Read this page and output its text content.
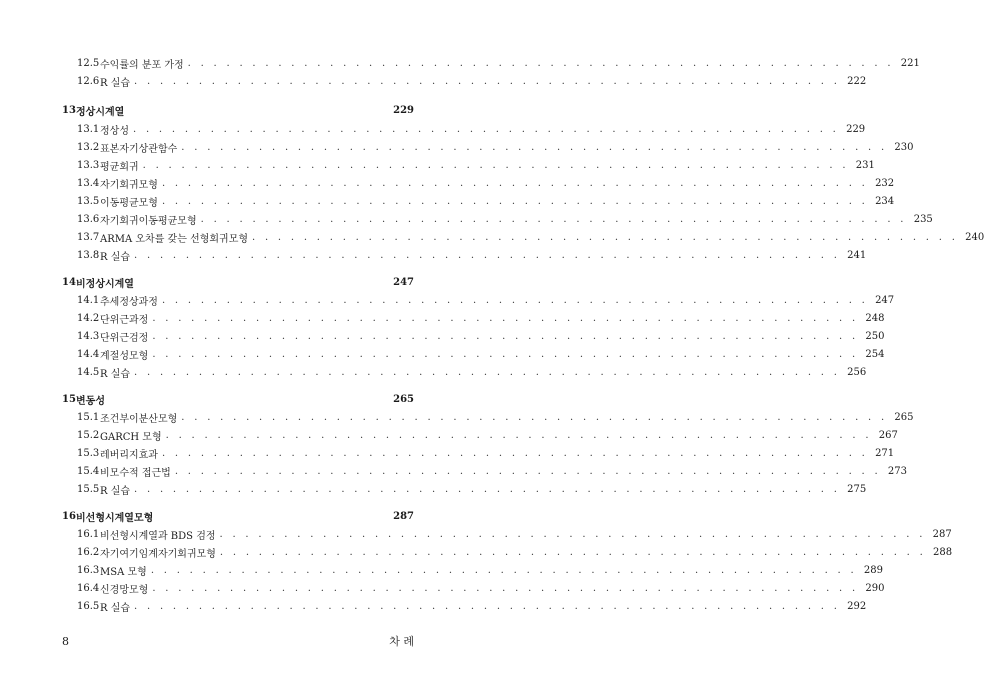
12.5 수익률의 분포 가정 . . . . . . . . . . . . . . . . . . . . . . . . . . . . . . . . . . . . . . . . . . . . . . . . . . . . . . . 221
12.6 R 실습 . . . . . . . . . . . . . . . . . . . . . . . . . . . . . . . . . . . . . . . . . . . . . . . . . . . . . . . 222
13 정상시계열	229
13.1 정상성 . . . . . . . . . . . . . . . . . . . . . . . . . . . . . . . . . . . . . . . . . . . . . . . . . . . . . . . 229
13.2 표본자기상관함수 . . . . . . . . . . . . . . . . . . . . . . . . . . . . . . . . . . . . . . . . . . . . . . . . . . . . . . . 230
13.3 평균회귀 . . . . . . . . . . . . . . . . . . . . . . . . . . . . . . . . . . . . . . . . . . . . . . . . . . . . . . . 231
13.4 자기회귀모형 . . . . . . . . . . . . . . . . . . . . . . . . . . . . . . . . . . . . . . . . . . . . . . . . . . . . . . . 232
13.5 이동평균모형 . . . . . . . . . . . . . . . . . . . . . . . . . . . . . . . . . . . . . . . . . . . . . . . . . . . . . . . 234
13.6 자기회귀이동평균모형 . . . . . . . . . . . . . . . . . . . . . . . . . . . . . . . . . . . . . . . . . . . . . . . . . . . . . . . 235
13.7 ARMA 오차를 갖는 선형회귀모형 . . . . . . . . . . . . . . . . . . . . . . . . . . . . . . . . . . . . . . . . . . . . . . . . . . . . . . . 240
13.8 R 실습 . . . . . . . . . . . . . . . . . . . . . . . . . . . . . . . . . . . . . . . . . . . . . . . . . . . . . . . 241
14 비정상시계열	247
14.1 추세정상과정 . . . . . . . . . . . . . . . . . . . . . . . . . . . . . . . . . . . . . . . . . . . . . . . . . . . . . . . 247
14.2 단위근과정 . . . . . . . . . . . . . . . . . . . . . . . . . . . . . . . . . . . . . . . . . . . . . . . . . . . . . . . 248
14.3 단위근검정 . . . . . . . . . . . . . . . . . . . . . . . . . . . . . . . . . . . . . . . . . . . . . . . . . . . . . . . 250
14.4 계절성모형 . . . . . . . . . . . . . . . . . . . . . . . . . . . . . . . . . . . . . . . . . . . . . . . . . . . . . . . 254
14.5 R 실습 . . . . . . . . . . . . . . . . . . . . . . . . . . . . . . . . . . . . . . . . . . . . . . . . . . . . . . . 256
15 변동성	265
15.1 조건부이분산모형 . . . . . . . . . . . . . . . . . . . . . . . . . . . . . . . . . . . . . . . . . . . . . . . . . . . . . . . 265
15.2 GARCH 모형 . . . . . . . . . . . . . . . . . . . . . . . . . . . . . . . . . . . . . . . . . . . . . . . . . . . . . . . 267
15.3 레버리지효과 . . . . . . . . . . . . . . . . . . . . . . . . . . . . . . . . . . . . . . . . . . . . . . . . . . . . . . . 271
15.4 비모수적 접근법 . . . . . . . . . . . . . . . . . . . . . . . . . . . . . . . . . . . . . . . . . . . . . . . . . . . . . . . 273
15.5 R 실습 . . . . . . . . . . . . . . . . . . . . . . . . . . . . . . . . . . . . . . . . . . . . . . . . . . . . . . . 275
16 비선형시계열모형	287
16.1 비선형시계열과 BDS 검정 . . . . . . . . . . . . . . . . . . . . . . . . . . . . . . . . . . . . . . . . . . . . . . . . . . . . . . . 287
16.2 자기여기임계자기회귀모형 . . . . . . . . . . . . . . . . . . . . . . . . . . . . . . . . . . . . . . . . . . . . . . . . . . . . . . . 288
16.3 MSA 모형 . . . . . . . . . . . . . . . . . . . . . . . . . . . . . . . . . . . . . . . . . . . . . . . . . . . . . . . 289
16.4 신경망모형 . . . . . . . . . . . . . . . . . . . . . . . . . . . . . . . . . . . . . . . . . . . . . . . . . . . . . . . 290
16.5 R 실습 . . . . . . . . . . . . . . . . . . . . . . . . . . . . . . . . . . . . . . . . . . . . . . . . . . . . . . . 292
8	차 례
